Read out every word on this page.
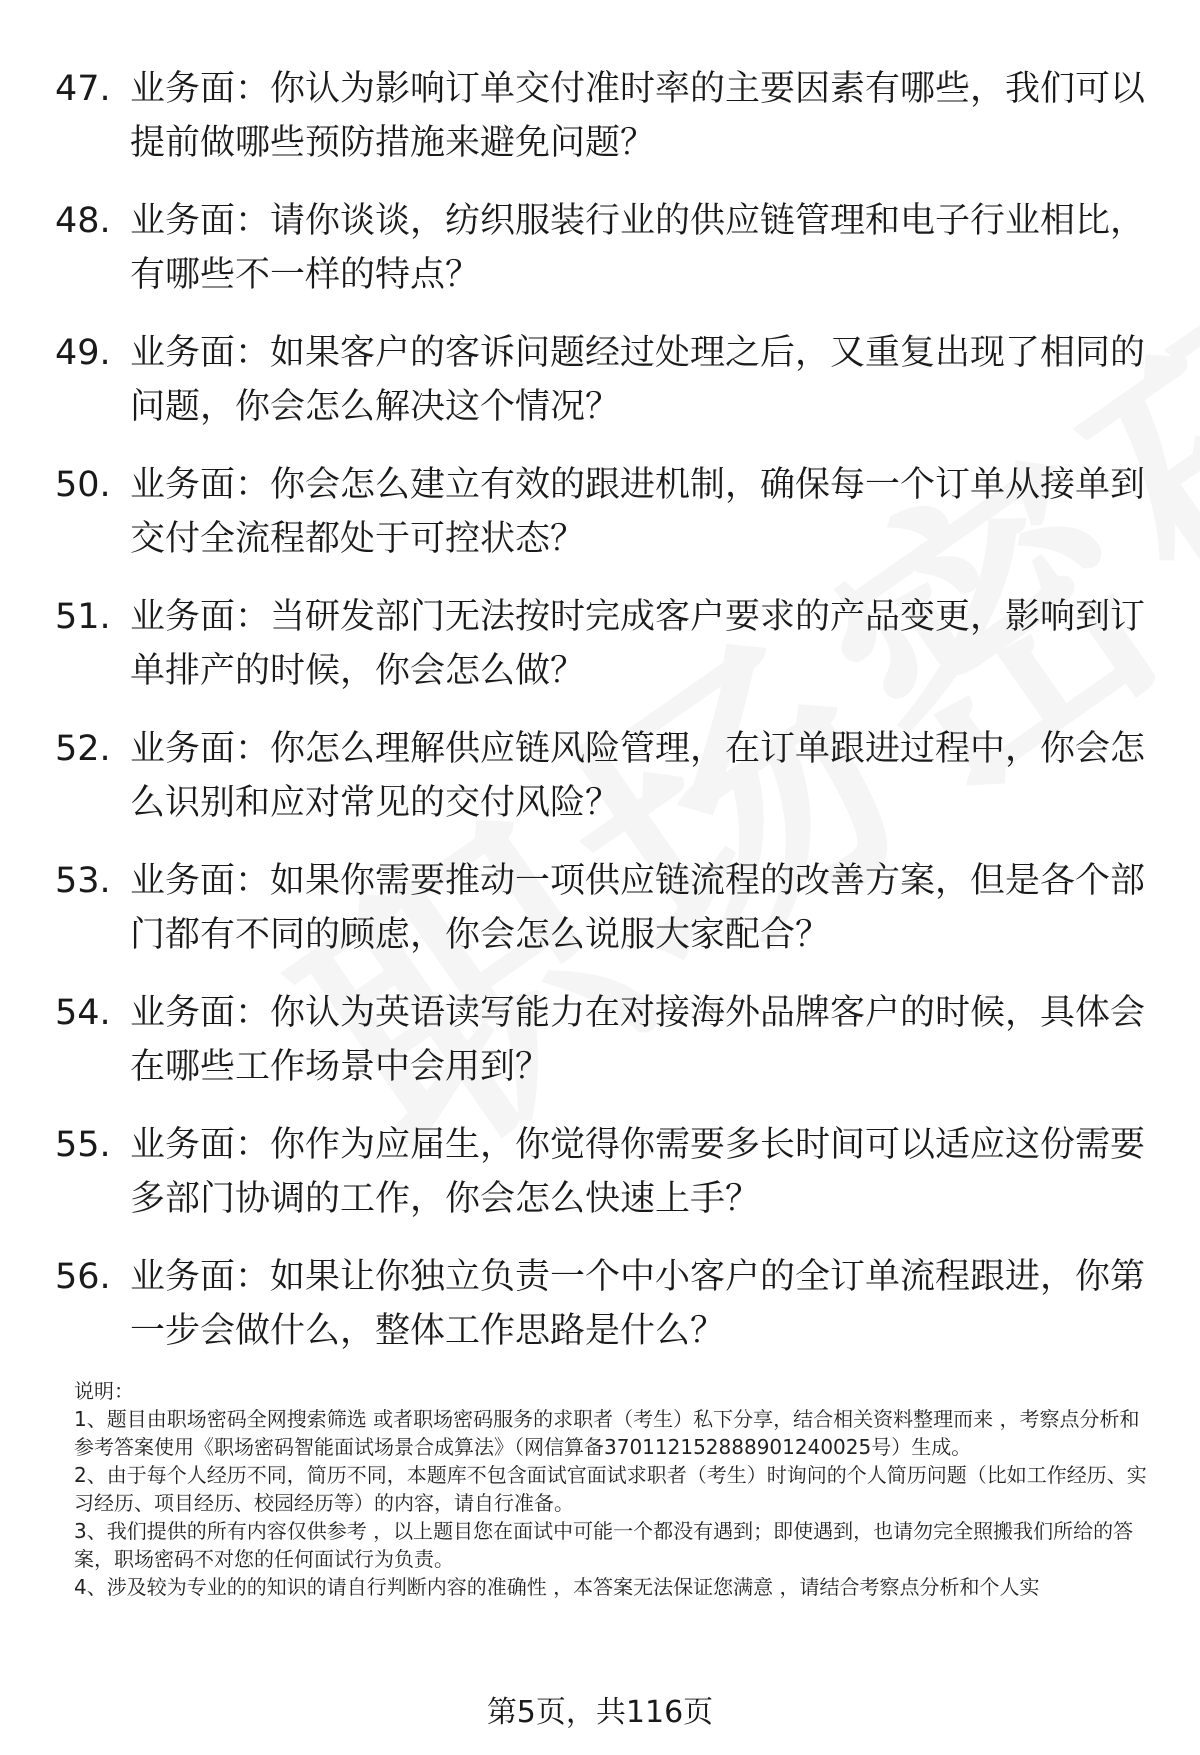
47. 业务面：你认为影响订单交付准时率的主要因素有哪些，我们可以提前做哪些预防措施来避免问题？
48. 业务面：请你谈谈，纺织服装行业的供应链管理和电子行业相比，有哪些不一样的特点？
49. 业务面：如果客户的客诉问题经过处理之后，又重复出现了相同的问题，你会怎么解决这个情况？
50. 业务面：你会怎么建立有效的跟进机制，确保每一个订单从接单到交付全流程都处于可控状态？
51. 业务面：当研发部门无法按时完成客户要求的产品变更，影响到订单排产的时候，你会怎么做？
52. 业务面：你怎么理解供应链风险管理，在订单跟进过程中，你会怎么识别和应对常见的交付风险？
53. 业务面：如果你需要推动一项供应链流程的改善方案，但是各个部门都有不同的顾虑，你会怎么说服大家配合？
54. 业务面：你认为英语读写能力在对接海外品牌客户的时候，具体会在哪些工作场景中会用到？
55. 业务面：你作为应届生，你觉得你需要多长时间可以适应这份需要多部门协调的工作，你会怎么快速上手？
56. 业务面：如果让你独立负责一个中小客户的全订单流程跟进，你第一步会做什么，整体工作思路是什么？

说明：

1、题目由职场密码全网搜索筛选 或者职场密码服务的求职者（考生）私下分享，结合相关资料整理而来 ，考察点分析和参考答案使用《职场密码智能面试场景合成算法》（网信算备370112152888901240025号）生成。

2、由于每个人经历不同，简历不同，本题库不包含面试官面试求职者（考生）时询问的个人简历问题（比如工作经历、实习经历、项目经历、校园经历等）的内容，请自行准备。

3、我们提供的所有内容仅供参考 ，以上题目您在面试中可能一个都没有遇到；即使遇到，也请勿完全照搬我们所给的答案，职场密码不对您的任何面试行为负责。

4、涉及较为专业的的知识的请自行判断内容的准确性 ，本答案无法保证您满意 ，请结合考察点分析和个人实

第5页，共116页
